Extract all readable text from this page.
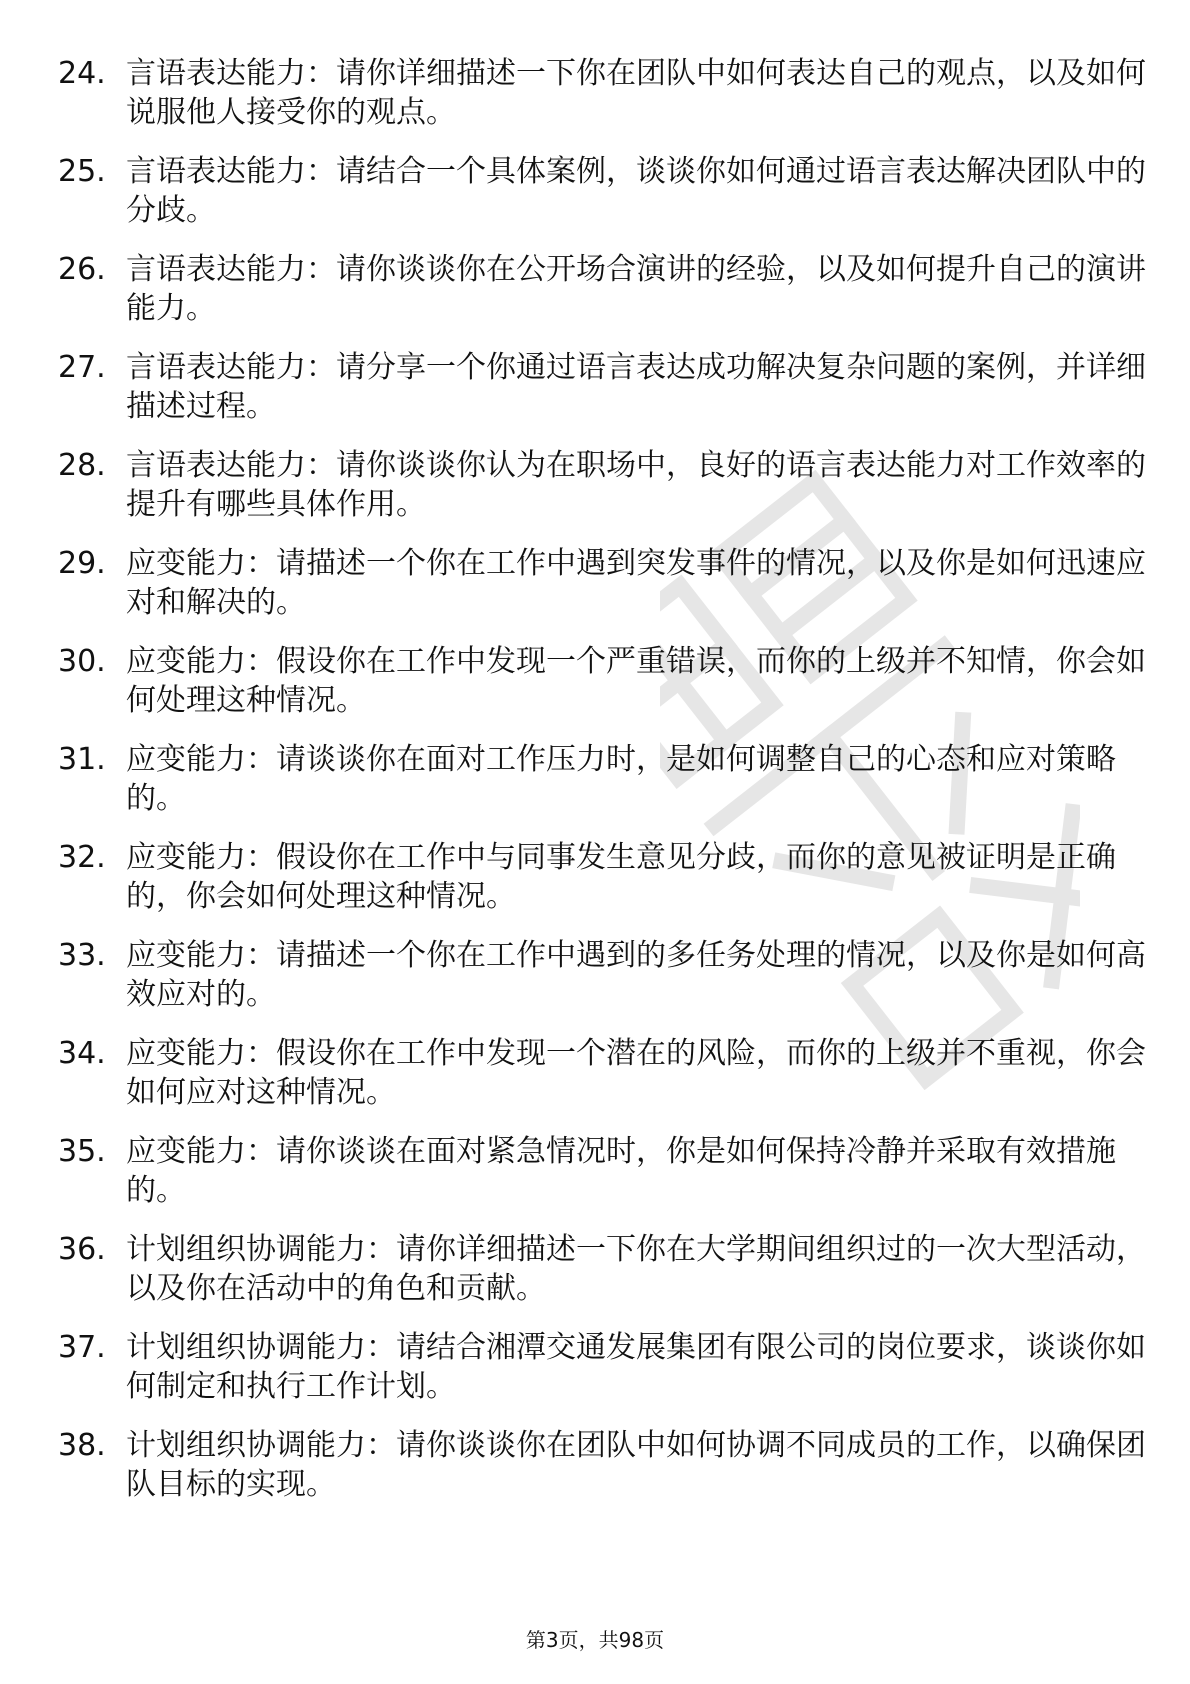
24. 言语表达能力：请你详细描述一下你在团队中如何表达自己的观点，以及如何说服他人接受你的观点。
25. 言语表达能力：请结合一个具体案例，谈谈你如何通过语言表达解决团队中的分歧。
26. 言语表达能力：请你谈谈你在公开场合演讲的经验，以及如何提升自己的演讲能力。
27. 言语表达能力：请分享一个你通过语言表达成功解决复杂问题的案例，并详细描述过程。
28. 言语表达能力：请你谈谈你认为在职场中，良好的语言表达能力对工作效率的提升有哪些具体作用。
29. 应变能力：请描述一个你在工作中遇到突发事件的情况，以及你是如何迅速应对和解决的。
30. 应变能力：假设你在工作中发现一个严重错误，而你的上级并不知情，你会如何处理这种情况。
31. 应变能力：请谈谈你在面对工作压力时，是如何调整自己的心态和应对策略的。
32. 应变能力：假设你在工作中与同事发生意见分歧，而你的意见被证明是正确的，你会如何处理这种情况。
33. 应变能力：请描述一个你在工作中遇到的多任务处理的情况，以及你是如何高效应对的。
34. 应变能力：假设你在工作中发现一个潜在的风险，而你的上级并不重视，你会如何应对这种情况。
35. 应变能力：请你谈谈在面对紧急情况时，你是如何保持冷静并采取有效措施的。
36. 计划组织协调能力：请你详细描述一下你在大学期间组织过的一次大型活动，以及你在活动中的角色和贡献。
37. 计划组织协调能力：请结合湘潭交通发展集团有限公司的岗位要求，谈谈你如何制定和执行工作计划。
38. 计划组织协调能力：请你谈谈你在团队中如何协调不同成员的工作，以确保团队目标的实现。
第3页，共98页
